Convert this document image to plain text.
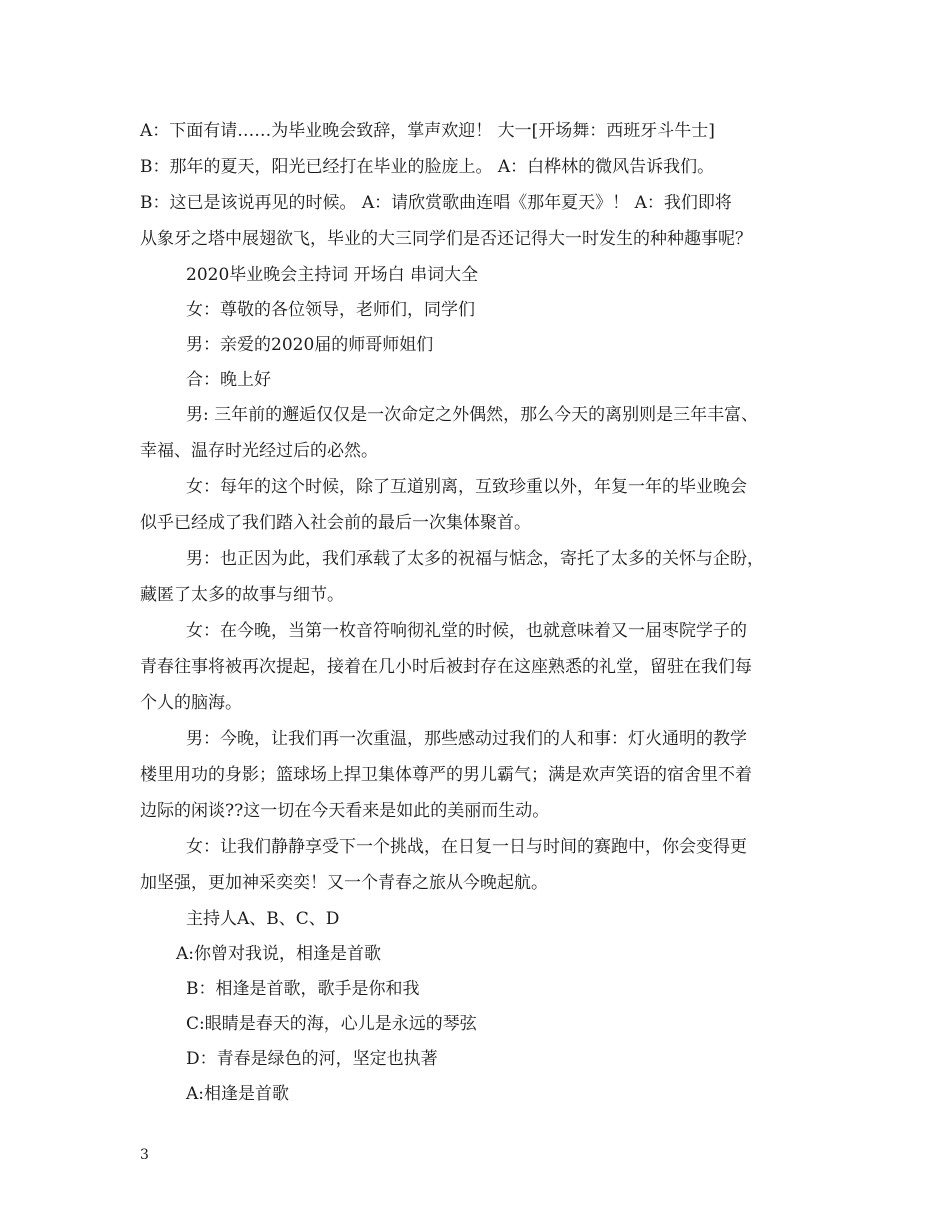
A：下面有请……为毕业晚会致辞，掌声欢迎！ 大一[开场舞：西班牙斗牛士]
B：那年的夏天，阳光已经打在毕业的脸庞上。 A：白桦林的微风告诉我们。
B：这已是该说再见的时候。 A：请欣赏歌曲连唱《那年夏天》！ A：我们即将
从象牙之塔中展翅欲飞，毕业的大三同学们是否还记得大一时发生的种种趣事呢？
2020毕业晚会主持词 开场白 串词大全
女：尊敬的各位领导，老师们，同学们
男：亲爱的2020届的师哥师姐们
合：晚上好
男: 三年前的邂逅仅仅是一次命定之外偶然，那么今天的离别则是三年丰富、
幸福、温存时光经过后的必然。
女：每年的这个时候，除了互道别离，互致珍重以外，年复一年的毕业晚会
似乎已经成了我们踏入社会前的最后一次集体聚首。
男：也正因为此，我们承载了太多的祝福与惦念，寄托了太多的关怀与企盼，
藏匿了太多的故事与细节。
女：在今晚，当第一枚音符响彻礼堂的时候，也就意味着又一届枣院学子的
青春往事将被再次提起，接着在几小时后被封存在这座熟悉的礼堂，留驻在我们每
个人的脑海。
男：今晚，让我们再一次重温，那些感动过我们的人和事：灯火通明的教学
楼里用功的身影；篮球场上捍卫集体尊严的男儿霸气；满是欢声笑语的宿舍里不着
边际的闲谈??这一切在今天看来是如此的美丽而生动。
女：让我们静静享受下一个挑战，在日复一日与时间的赛跑中，你会变得更
加坚强，更加神采奕奕！又一个青春之旅从今晚起航。
主持人A、B、C、D
A:你曾对我说，相逢是首歌
B：相逢是首歌，歌手是你和我
C:眼睛是春天的海，心儿是永远的琴弦
D：青春是绿色的河，坚定也执著
A:相逢是首歌
3
